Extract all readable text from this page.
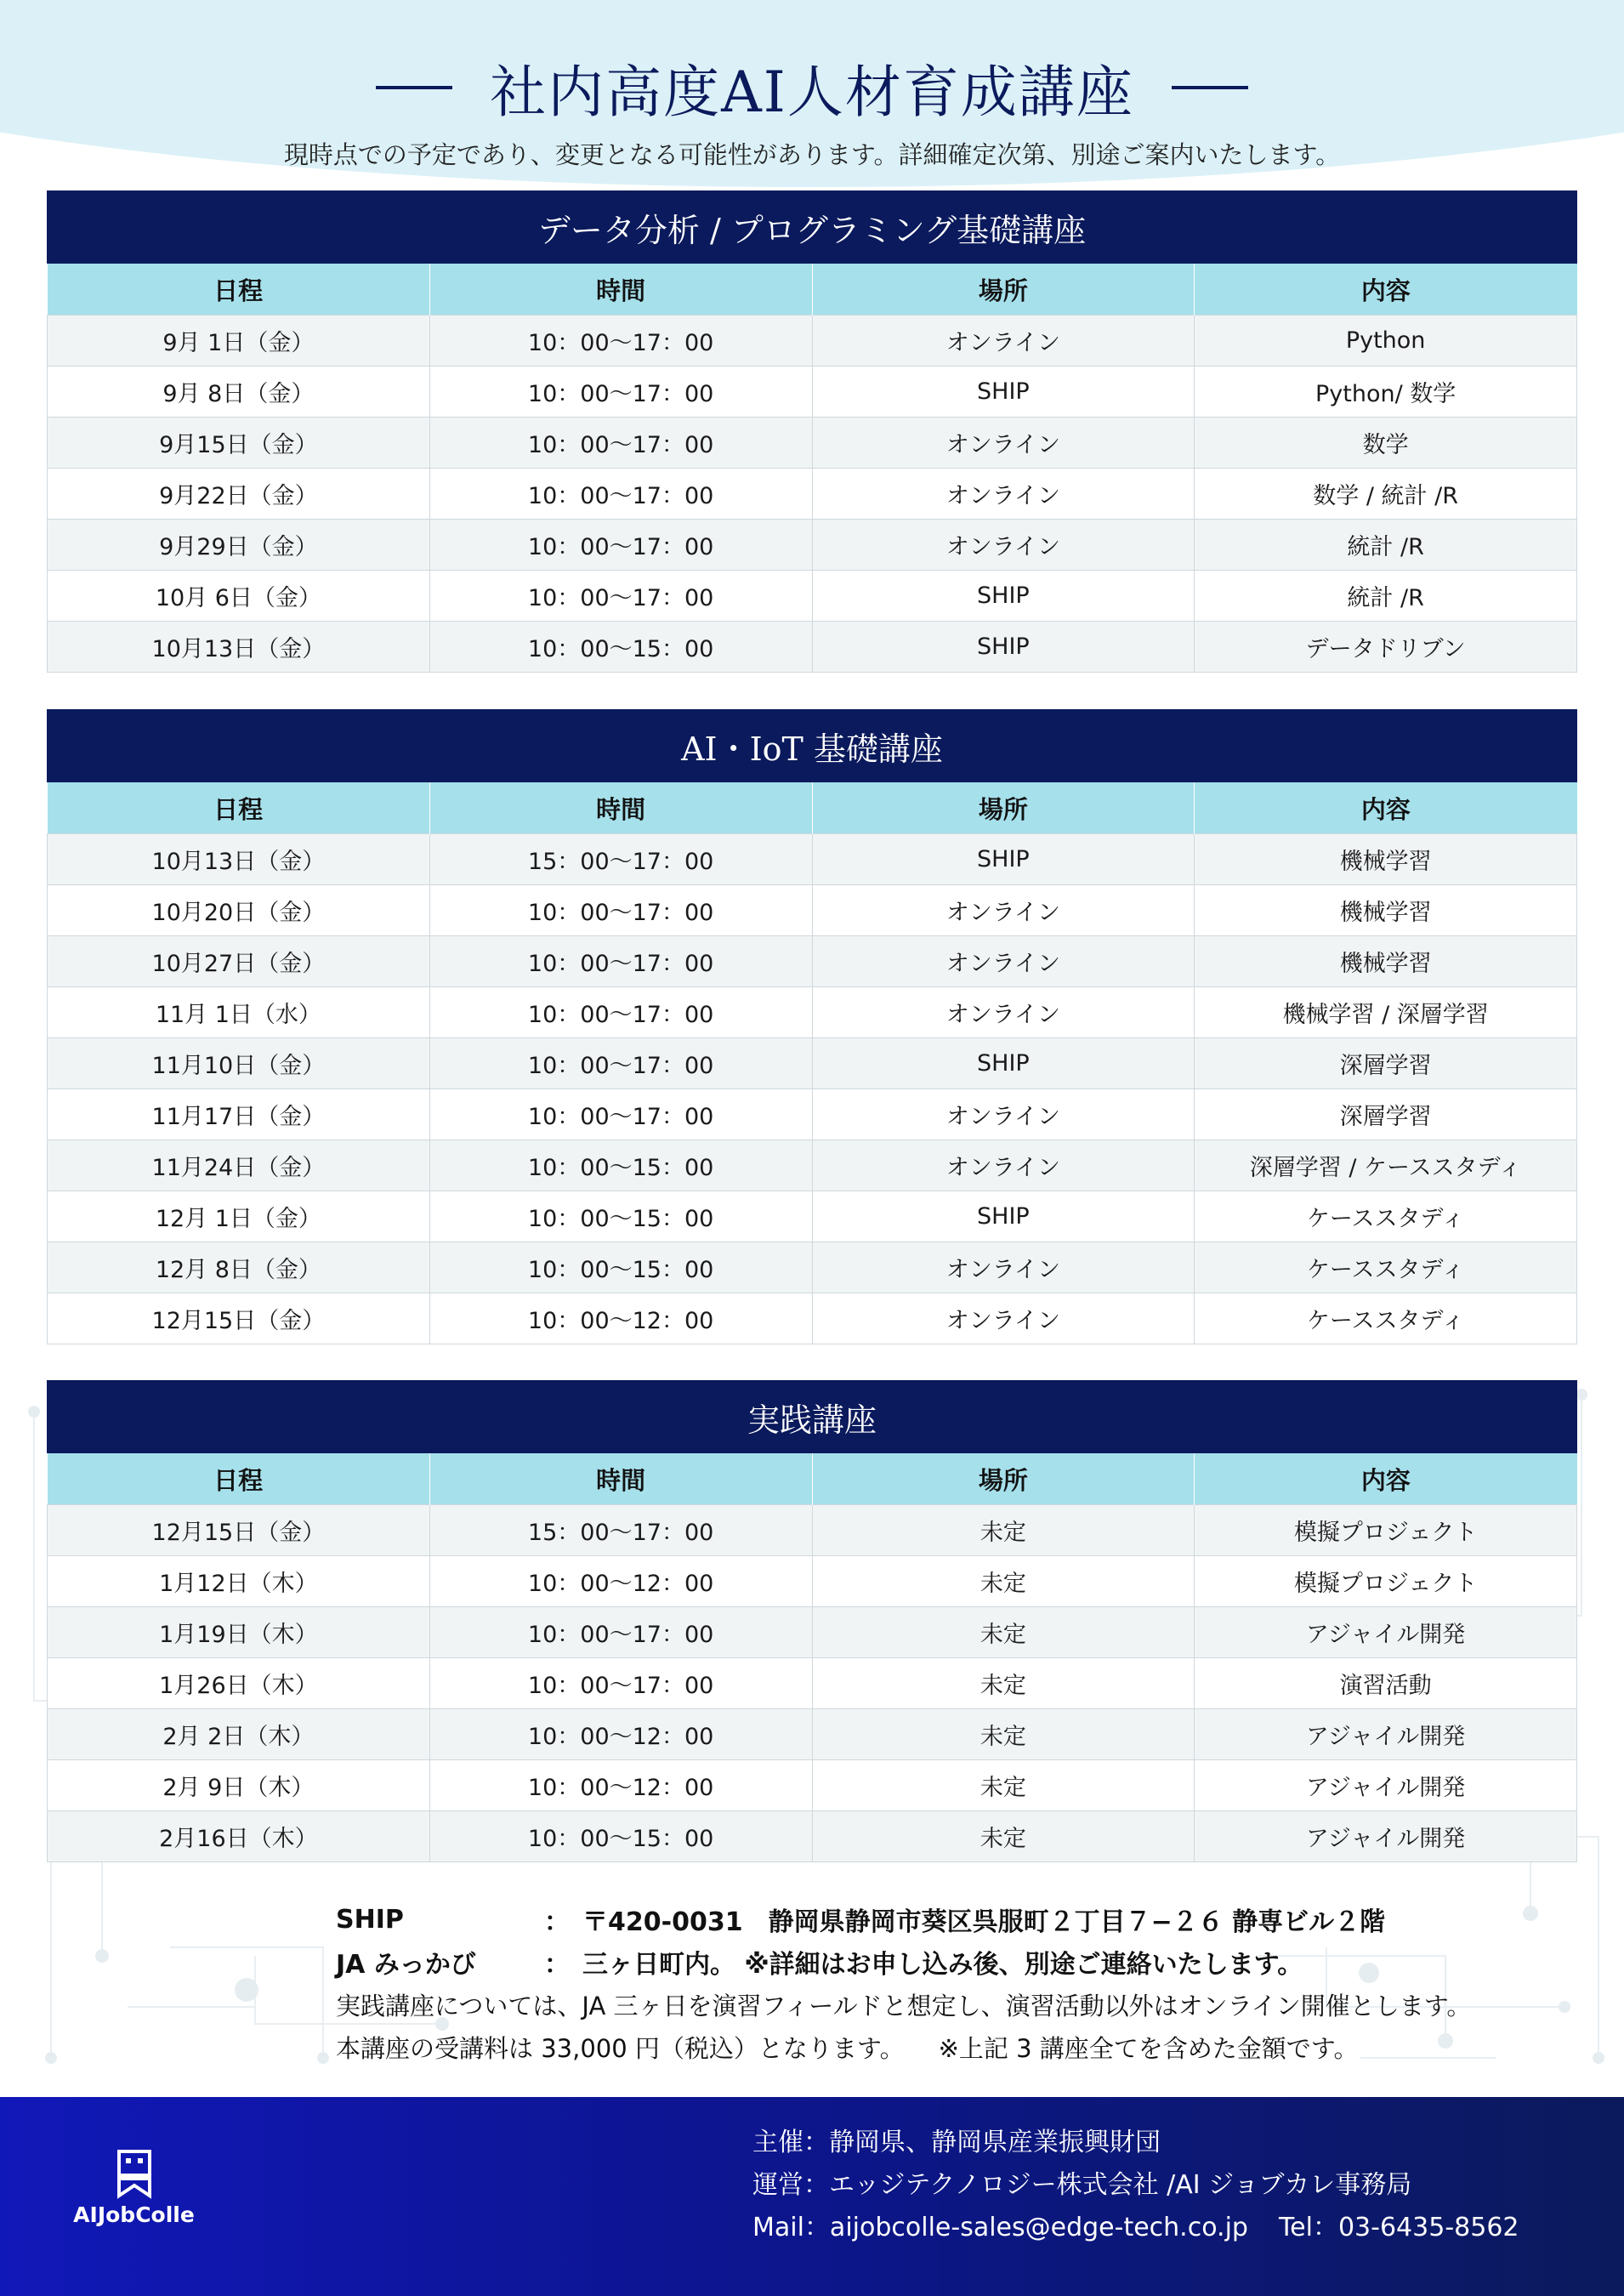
社内高度AI人材育成講座
現時点での予定であり、変更となる可能性があります。詳細確定次第、別途ご案内いたします。
データ分析 / プログラミング基礎講座
日程	時間	場所	内容
9月 1日（金）	10：00～17：00	オンライン	Python
9月 8日（金）	10：00～17：00	SHIP	Python/ 数学
9月15日（金）	10：00～17：00	オンライン	数学
9月22日（金）	10：00～17：00	オンライン	数学 / 統計 /R
9月29日（金）	10：00～17：00	オンライン	統計 /R
10月 6日（金）	10：00～17：00	SHIP	統計 /R
10月13日（金）	10：00～15：00	SHIP	データドリブン
AI・IoT 基礎講座
日程	時間	場所	内容
10月13日（金）	15：00～17：00	SHIP	機械学習
10月20日（金）	10：00～17：00	オンライン	機械学習
10月27日（金）	10：00～17：00	オンライン	機械学習
11月 1日（水）	10：00～17：00	オンライン	機械学習 / 深層学習
11月10日（金）	10：00～17：00	SHIP	深層学習
11月17日（金）	10：00～17：00	オンライン	深層学習
11月24日（金）	10：00～15：00	オンライン	深層学習 / ケーススタディ
12月 1日（金）	10：00～15：00	SHIP	ケーススタディ
12月 8日（金）	10：00～15：00	オンライン	ケーススタディ
12月15日（金）	10：00～12：00	オンライン	ケーススタディ
実践講座
日程	時間	場所	内容
12月15日（金）	15：00～17：00	未定	模擬プロジェクト
1月12日（木）	10：00～12：00	未定	模擬プロジェクト
1月19日（木）	10：00～17：00	未定	アジャイル開発
1月26日（木）	10：00～17：00	未定	演習活動
2月 2日（木）	10：00～12：00	未定	アジャイル開発
2月 9日（木）	10：00～12：00	未定	アジャイル開発
2月16日（木）	10：00～15：00	未定	アジャイル開発
SHIP	： 〒420-0031　静岡県静岡市葵区呉服町２丁目７−２６ 静専ビル２階
JA みっかび	： 三ヶ日町内。 ※詳細はお申し込み後、別途ご連絡いたします。
実践講座については、JA 三ヶ日を演習フィールドと想定し、演習活動以外はオンライン開催とします。
本講座の受講料は 33,000 円（税込）となります。 ※上記 3 講座全てを含めた金額です。
AIJobColle
主催：静岡県、静岡県産業振興財団
運営：エッジテクノロジー株式会社 /AI ジョブカレ事務局
Mail：aijobcolle-sales@edge-tech.co.jp Tel：03-6435-8562
